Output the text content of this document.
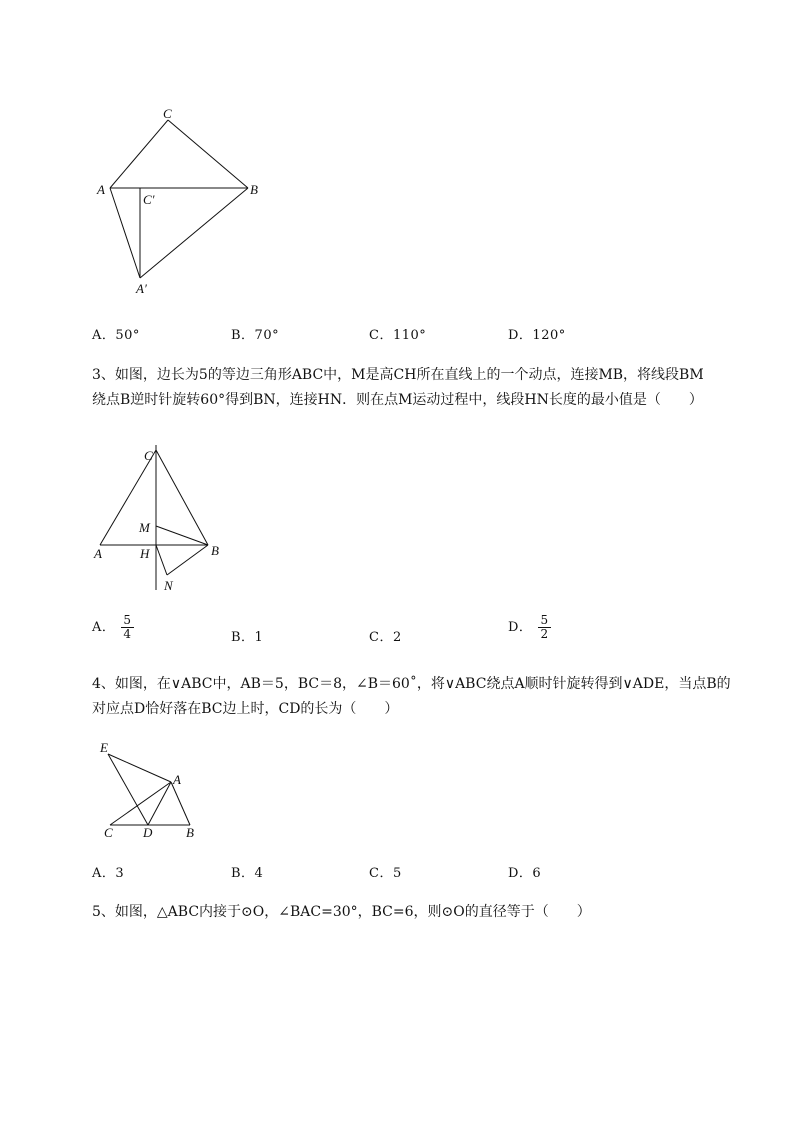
C
A	B
C′
A′
A．50°	B．70°	C．110°	D．120°
3、如图，边长为5的等边三角形ABC中，M是高CH所在直线上的一个动点，连接MB，将线段BM
绕点B逆时针旋转60°得到BN，连接HN．则在点M运动过程中，线段HN长度的最小值是（　　）
C
M
A	H	B
N
A． $\frac{5}{4}$	B．1	C．2
D． $\frac{5}{2}$
4、如图，在∨ABC中，AB＝5，BC＝8，∠B＝60˚，将∨ABC绕点A顺时针旋转得到∨ADE，当点B的
对应点D恰好落在BC边上时，CD的长为（　　）
E
A
C D	B
A．3	B．4	C．5	D．6
5、如图，△ABC内接于⊙O，∠BAC=30°，BC=6，则⊙O的直径等于（　　）
